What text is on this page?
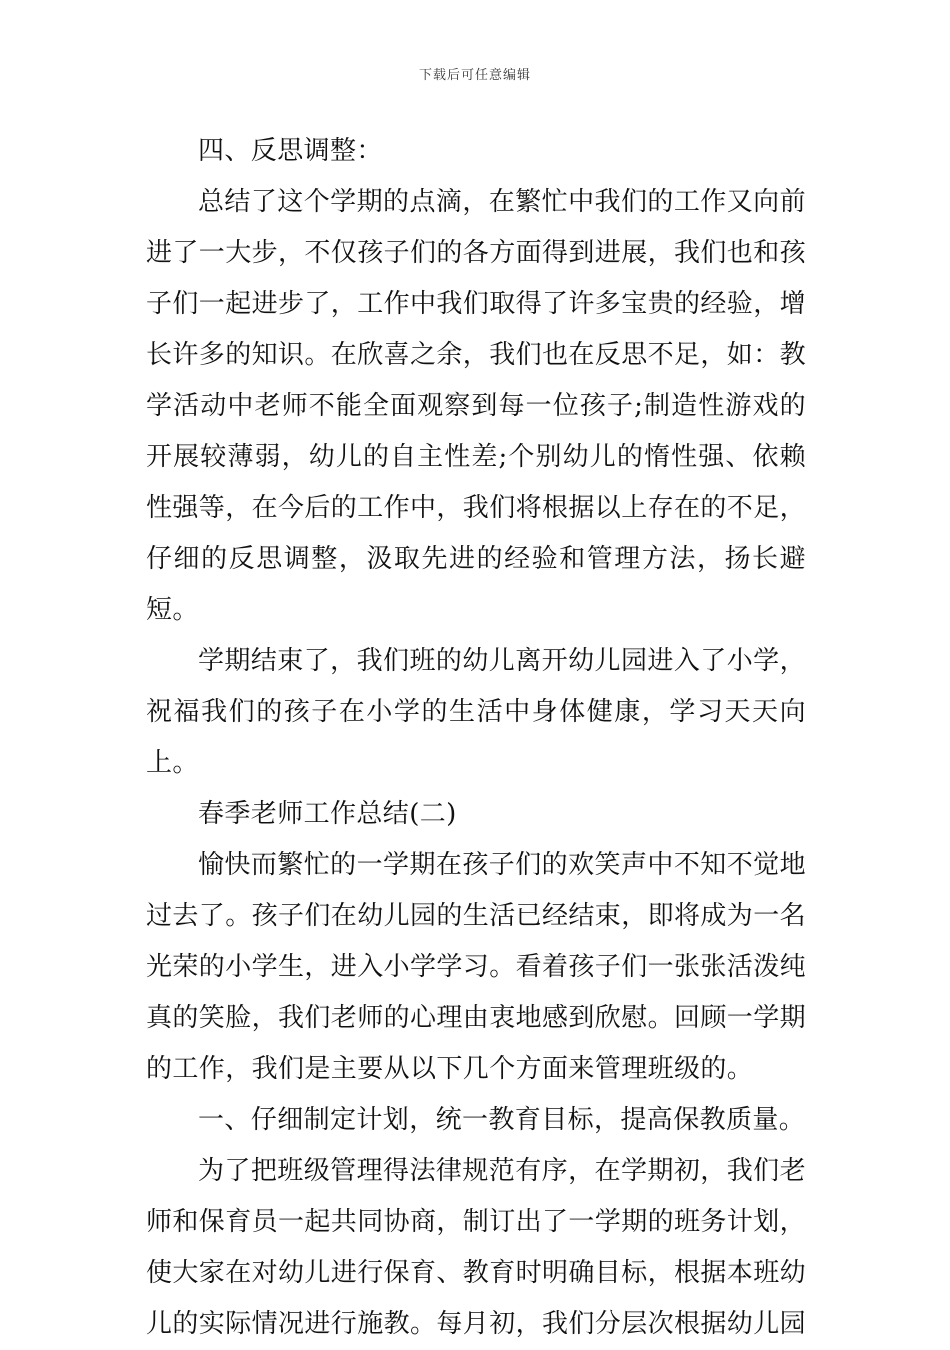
下载后可任意编辑

四、反思调整：

总结了这个学期的点滴，在繁忙中我们的工作又向前进了一大步，不仅孩子们的各方面得到进展，我们也和孩子们一起进步了，工作中我们取得了许多宝贵的经验，增长许多的知识。在欣喜之余，我们也在反思不足，如：教学活动中老师不能全面观察到每一位孩子;制造性游戏的开展较薄弱，幼儿的自主性差;个别幼儿的惰性强、依赖性强等，在今后的工作中，我们将根据以上存在的不足，仔细的反思调整，汲取先进的经验和管理方法，扬长避短。

学期结束了，我们班的幼儿离开幼儿园进入了小学，祝福我们的孩子在小学的生活中身体健康，学习天天向上。

春季老师工作总结(二)

愉快而繁忙的一学期在孩子们的欢笑声中不知不觉地过去了。孩子们在幼儿园的生活已经结束，即将成为一名光荣的小学生，进入小学学习。看着孩子们一张张活泼纯真的笑脸，我们老师的心理由衷地感到欣慰。回顾一学期的工作，我们是主要从以下几个方面来管理班级的。

一、仔细制定计划，统一教育目标，提高保教质量。

为了把班级管理得法律规范有序，在学期初，我们老师和保育员一起共同协商，制订出了一学期的班务计划，使大家在对幼儿进行保育、教育时明确目标，根据本班幼儿的实际情况进行施教。每月初，我们分层次根据幼儿园
